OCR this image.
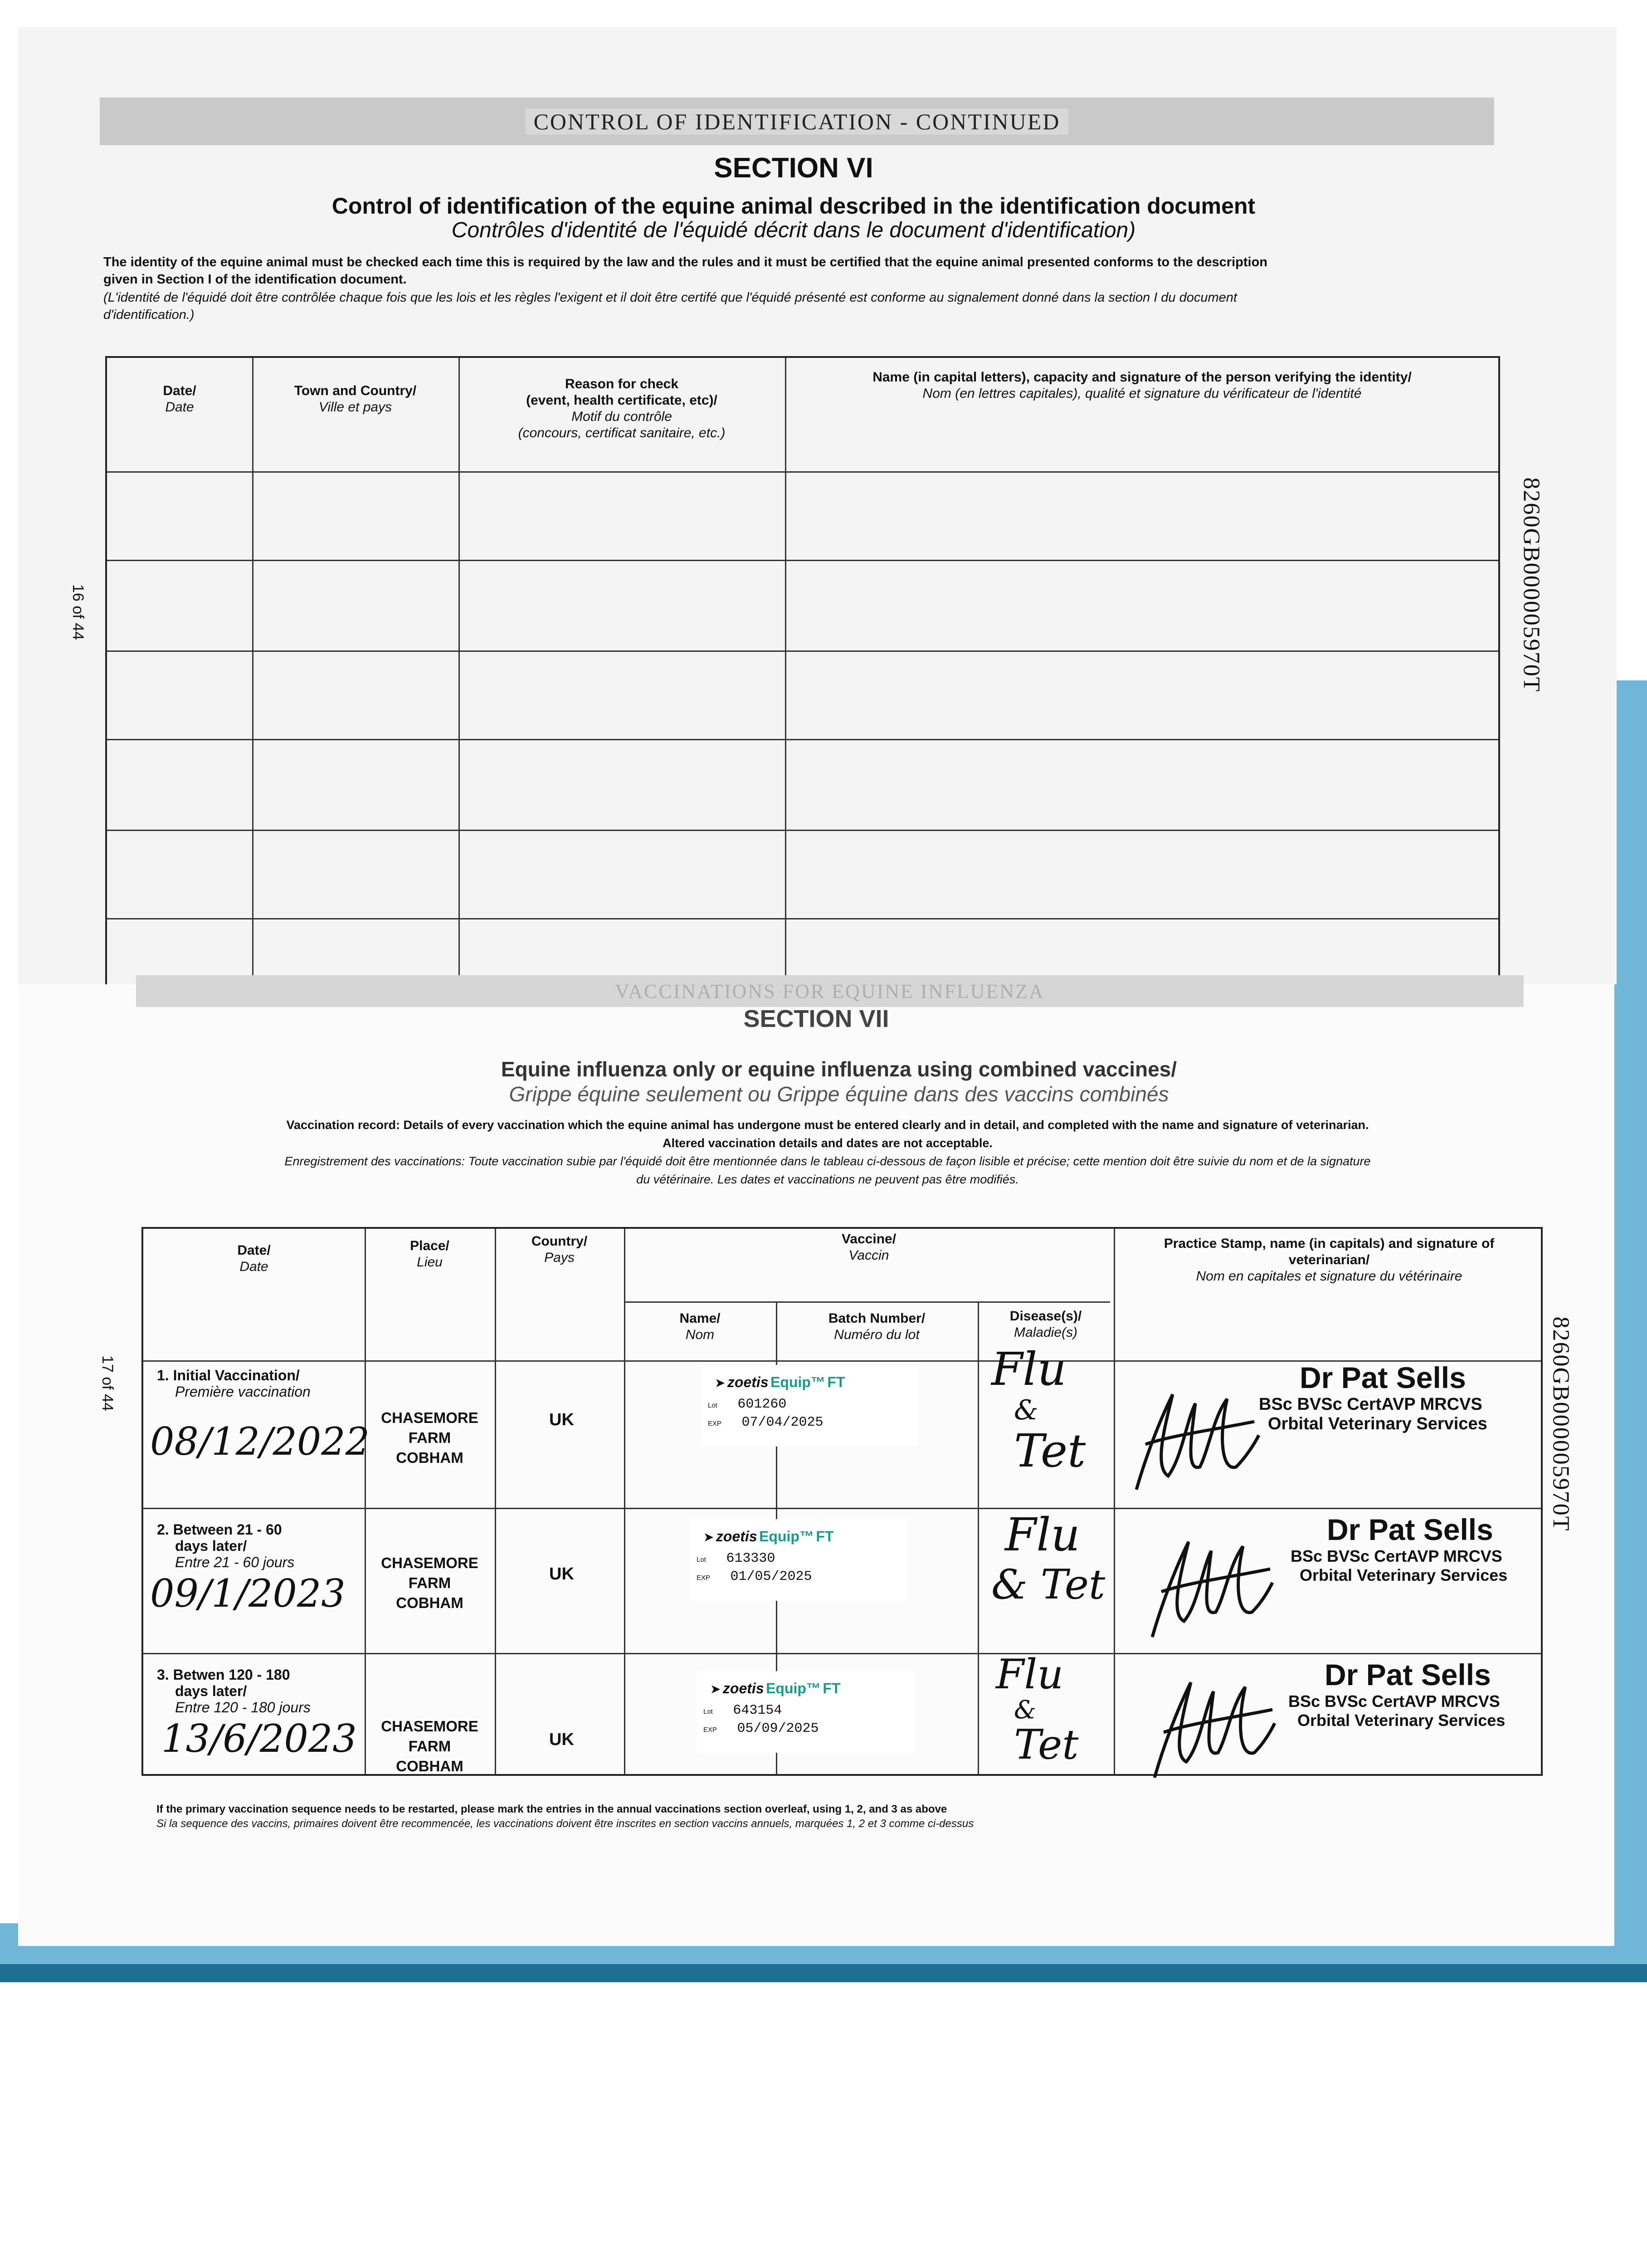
CONTROL OF IDENTIFICATION - CONTINUED
SECTION VI
Control of identification of the equine animal described in the identification document
Contrôles d'identité de l'équidé décrit dans le document d'identification)
The identity of the equine animal must be checked each time this is required by the law and the rules and it must be certified that the equine animal presented conforms to the description
given in Section I of the identification document.
(L'identité de l'équidé doit être contrôlée chaque fois que les lois et les règles l'exigent et il doit être certifé que l'équidé présenté est conforme au signalement donné dans la section I du document
d'identification.)
Date/
Date
Town and Country/
Ville et pays
Reason for check
(event, health certificate, etc)/
Motif du contrôle
(concours, certificat sanitaire, etc.)
Name (in capital letters), capacity and signature of the person verifying the identity/
Nom (en lettres capitales), qualité et signature du vérificateur de l'identité
8260GB000005970T
16 of 44
VACCINATIONS FOR EQUINE INFLUENZA
SECTION VII
Equine influenza only or equine influenza using combined vaccines/
Grippe équine seulement ou Grippe équine dans des vaccins combinés
Vaccination record: Details of every vaccination which the equine animal has undergone must be entered clearly and in detail, and completed with the name and signature of veterinarian.
Altered vaccination details and dates are not acceptable.
Enregistrement des vaccinations: Toute vaccination subie par l'équidé doit être mentionnée dans le tableau ci-dessous de façon lisible et précise; cette mention doit être suivie du nom et de la signature
du vétérinaire. Les dates et vaccinations ne peuvent pas être modifiés.
Date/
Date
Place/
Lieu
Country/
Pays
Vaccine/
Vaccin
Name/
Nom
Batch Number/
Numéro du lot
Disease(s)/
Maladie(s)
Practice Stamp, name (in capitals) and signature of
veterinarian/
Nom en capitales et signature du vétérinaire
1. Initial Vaccination/
Première vaccination
08/12/2022
CHASEMORE
FARM
COBHAM
UK
➤ zoetis Equip™ FT
Lot 601260
EXP 07/04/2025
Flu
&
Tet
Dr Pat Sells
BSc BVSc CertAVP MRCVS
Orbital Veterinary Services
2. Between 21 - 60
days later/
Entre 21 - 60 jours
09/1/2023
CHASEMORE
FARM
COBHAM
UK
➤ zoetis Equip™ FT
Lot 613330
EXP 01/05/2025
Flu
& Tet
Dr Pat Sells
BSc BVSc CertAVP MRCVS
Orbital Veterinary Services
3. Betwen 120 - 180
days later/
Entre 120 - 180 jours
13/6/2023	CHASEMORE
FARM
COBHAM
UK
➤ zoetis Equip™ FT
Lot 643154
EXP 05/09/2025
Flu
&
Tet
Dr Pat Sells
BSc BVSc CertAVP MRCVS
Orbital Veterinary Services
If the primary vaccination sequence needs to be restarted, please mark the entries in the annual vaccinations section overleaf, using 1, 2, and 3 as above
Si la sequence des vaccins, primaires doivent être recommencée, les vaccinations doivent être inscrites en section vaccins annuels, marquées 1, 2 et 3 comme ci-dessus
8260GB000005970T
17 of 44
